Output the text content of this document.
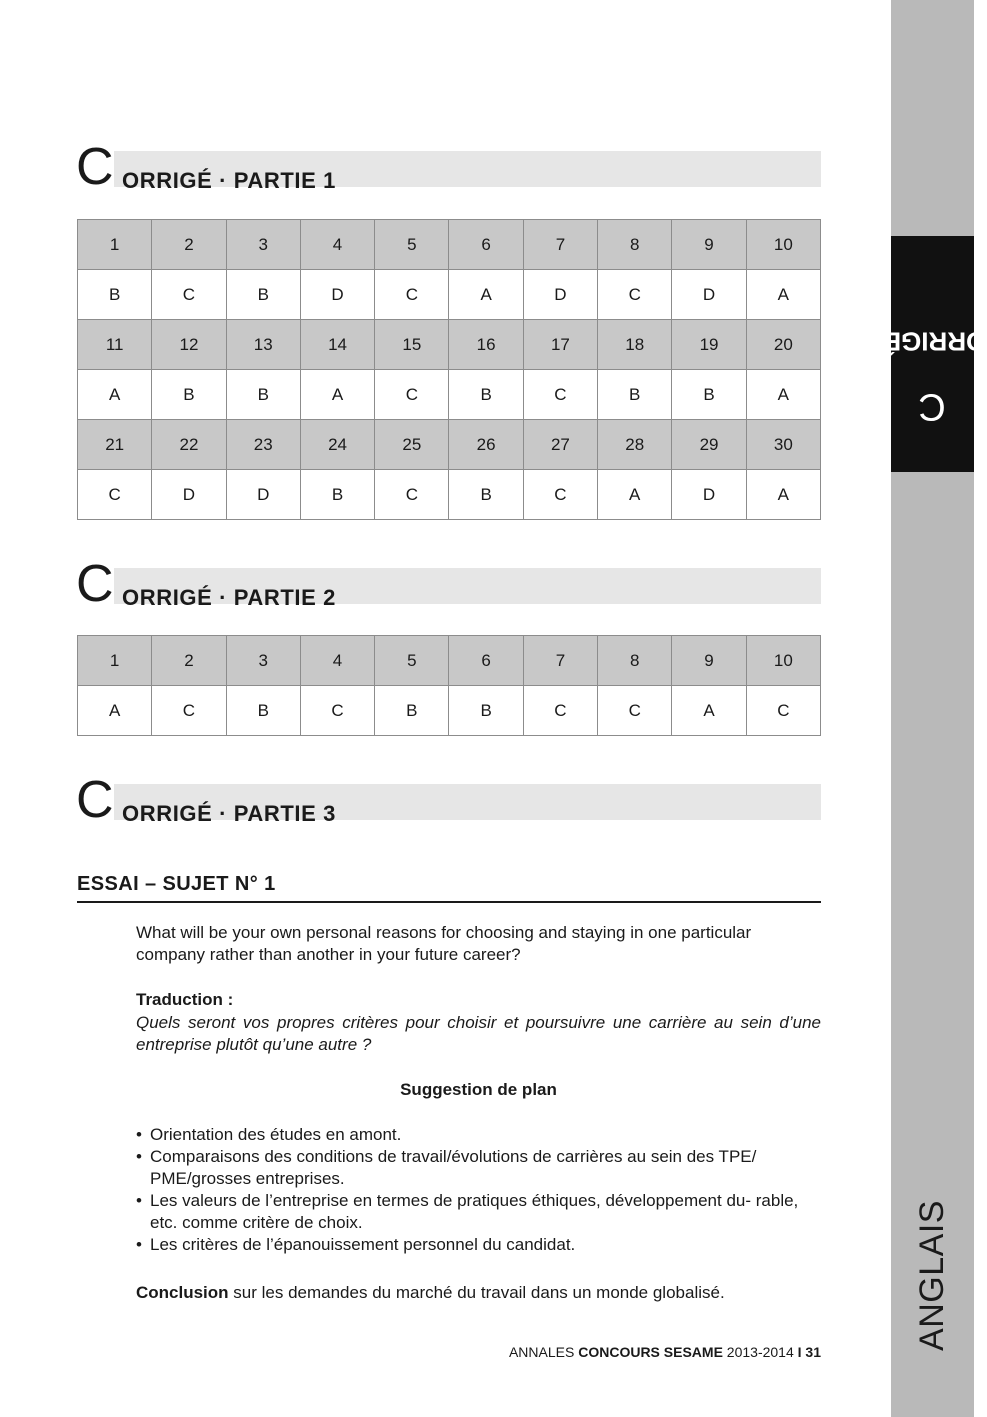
CORRIGÉ
ANGLAIS
C ORRIGÉ · PARTIE 1
1	2	3	4	5	6	7	8	9	10
B	C	B	D	C	A	D	C	D	A
11	12	13	14	15	16	17	18	19	20
A	B	B	A	C	B	C	B	B	A
21	22	23	24	25	26	27	28	29	30
C	D	D	B	C	B	C	A	D	A
C ORRIGÉ · PARTIE 2
1	2	3	4	5	6	7	8	9	10
A	C	B	C	B	B	C	C	A	C
C ORRIGÉ · PARTIE 3
ESSAI – SUJET N° 1
What will be your own personal reasons for choosing and staying in one particular company rather than another in your future career?
Traduction :
Quels seront vos propres critères pour choisir et poursuivre une carrière au sein d’une entreprise plutôt qu’une autre ?
Suggestion de plan
• Orientation des études en amont.
• Comparaisons des conditions de travail/évolutions de carrières au sein des TPE/ PME/grosses entreprises.
• Les valeurs de l’entreprise en termes de pratiques éthiques, développement du- rable, etc. comme critère de choix.
• Les critères de l’épanouissement personnel du candidat.
Conclusion sur les demandes du marché du travail dans un monde globalisé.
ANNALES CONCOURS SESAME 2013-2014 I 31
